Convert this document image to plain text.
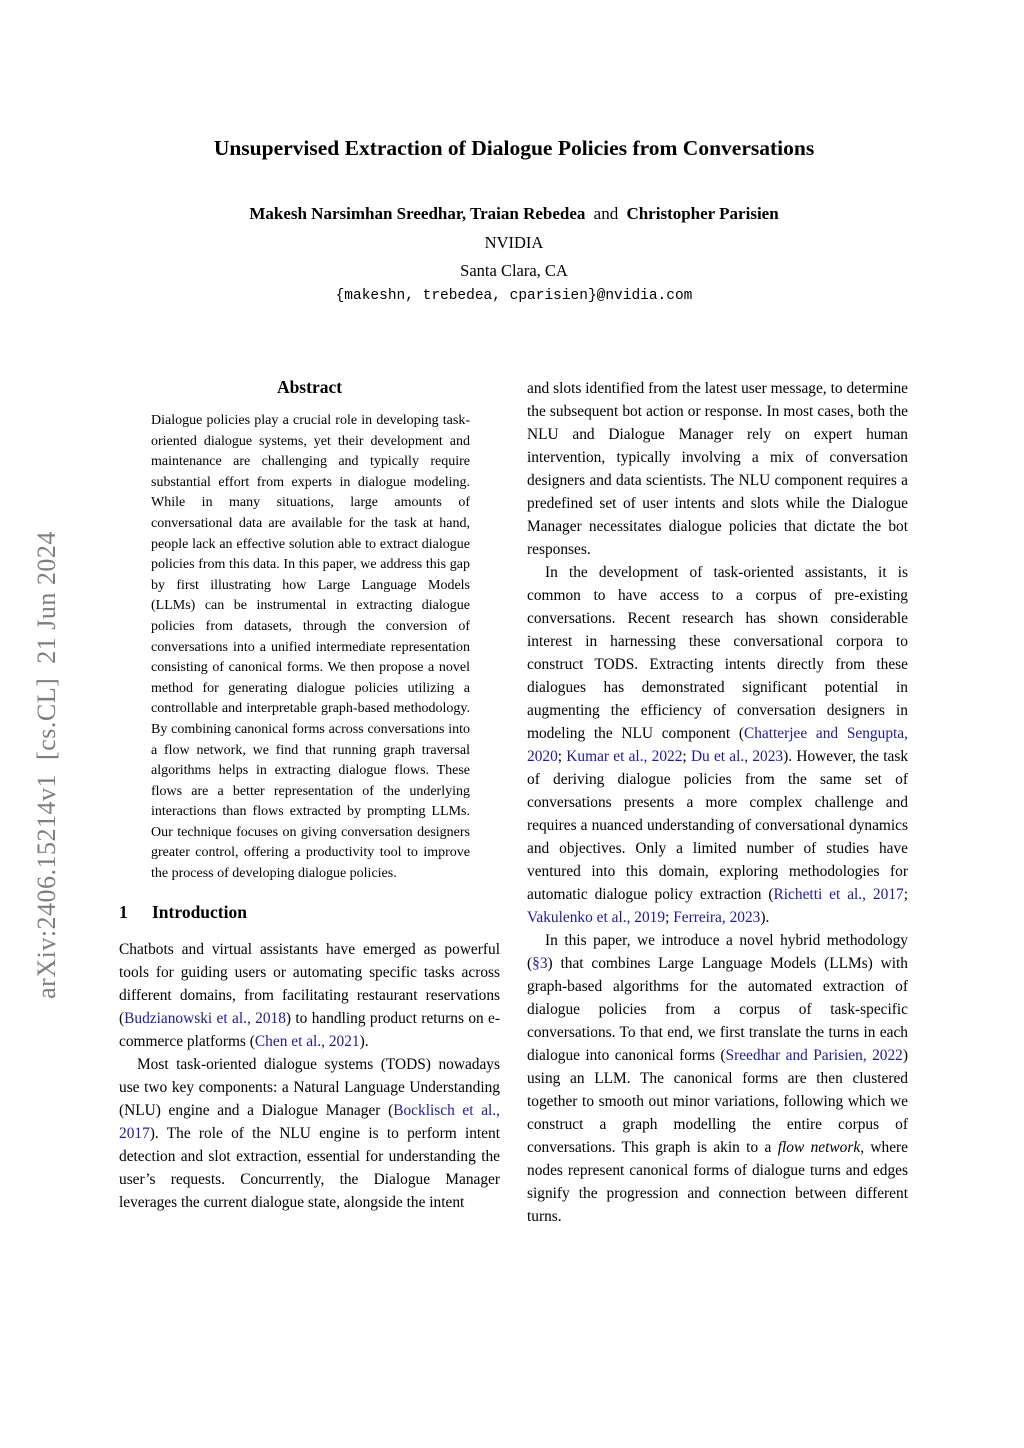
arXiv:2406.15214v1  [cs.CL]  21 Jun 2024
Unsupervised Extraction of Dialogue Policies from Conversations
Makesh Narsimhan Sreedhar, Traian Rebedea and Christopher Parisien
NVIDIA
Santa Clara, CA
{makeshn, trebedea, cparisien}@nvidia.com
Abstract

Dialogue policies play a crucial role in developing task-oriented dialogue systems, yet their development and maintenance are challenging and typically require substantial effort from experts in dialogue modeling. While in many situations, large amounts of conversational data are available for the task at hand, people lack an effective solution able to extract dialogue policies from this data. In this paper, we address this gap by first illustrating how Large Language Models (LLMs) can be instrumental in extracting dialogue policies from datasets, through the conversion of conversations into a unified intermediate representation consisting of canonical forms. We then propose a novel method for generating dialogue policies utilizing a controllable and interpretable graph-based methodology. By combining canonical forms across conversations into a flow network, we find that running graph traversal algorithms helps in extracting dialogue flows. These flows are a better representation of the underlying interactions than flows extracted by prompting LLMs. Our technique focuses on giving conversation designers greater control, offering a productivity tool to improve the process of developing dialogue policies.

1	Introduction

Chatbots and virtual assistants have emerged as powerful tools for guiding users or automating specific tasks across different domains, from facilitating restaurant reservations (Budzianowski et al., 2018) to handling product returns on e-commerce platforms (Chen et al., 2021).

Most task-oriented dialogue systems (TODS) nowadays use two key components: a Natural Language Understanding (NLU) engine and a Dialogue Manager (Bocklisch et al., 2017). The role of the NLU engine is to perform intent detection and slot extraction, essential for understanding the user’s requests. Concurrently, the Dialogue Manager leverages the current dialogue state, alongside the intent

and slots identified from the latest user message, to determine the subsequent bot action or response. In most cases, both the NLU and Dialogue Manager rely on expert human intervention, typically involving a mix of conversation designers and data scientists. The NLU component requires a predefined set of user intents and slots while the Dialogue Manager necessitates dialogue policies that dictate the bot responses.

In the development of task-oriented assistants, it is common to have access to a corpus of pre-existing conversations. Recent research has shown considerable interest in harnessing these conversational corpora to construct TODS. Extracting intents directly from these dialogues has demonstrated significant potential in augmenting the efficiency of conversation designers in modeling the NLU component (Chatterjee and Sengupta, 2020; Kumar et al., 2022; Du et al., 2023). However, the task of deriving dialogue policies from the same set of conversations presents a more complex challenge and requires a nuanced understanding of conversational dynamics and objectives. Only a limited number of studies have ventured into this domain, exploring methodologies for automatic dialogue policy extraction (Richetti et al., 2017; Vakulenko et al., 2019; Ferreira, 2023).

In this paper, we introduce a novel hybrid methodology (§3) that combines Large Language Models (LLMs) with graph-based algorithms for the automated extraction of dialogue policies from a corpus of task-specific conversations. To that end, we first translate the turns in each dialogue into canonical forms (Sreedhar and Parisien, 2022) using an LLM. The canonical forms are then clustered together to smooth out minor variations, following which we construct a graph modelling the entire corpus of conversations. This graph is akin to a flow network, where nodes represent canonical forms of dialogue turns and edges signify the progression and connection between different turns.
